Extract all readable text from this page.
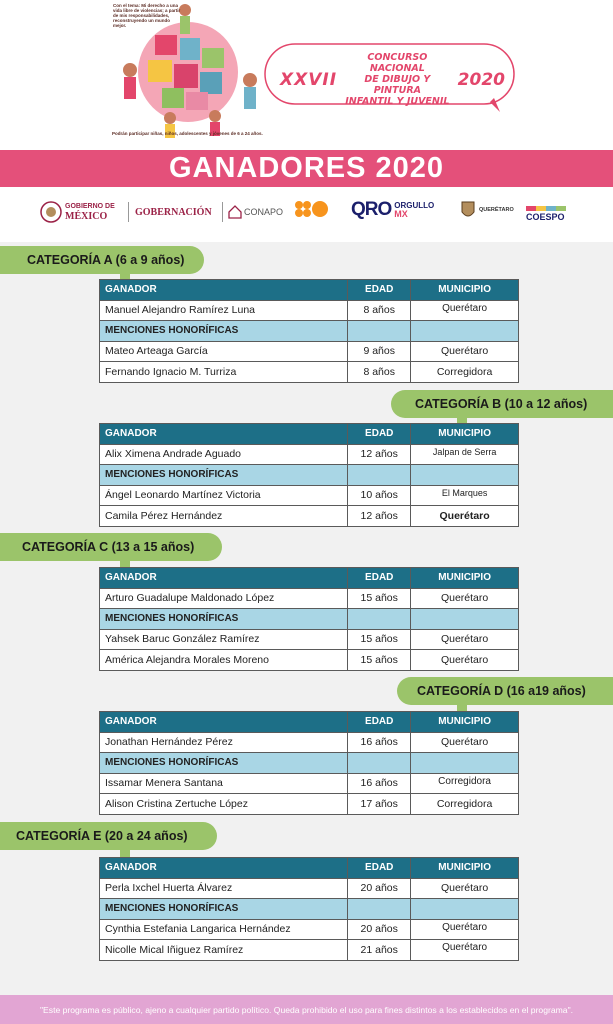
Con el tema: Mi derecho a una vida libre de violencias; a partir de mis responsabilidades, reconstruyendo un mundo mejor.
Podrán participar niñas, niños, adolescentes y jóvenes de 6 a 24 años.
XXVII
CONCURSO NACIONAL
DE DIBUJO Y PINTURA
INFANTIL Y JUVENIL
2020
GANADORES 2020
GOBIERNO DE
MÉXICO	GOBERNACIÓN	CONAPO	QRO ORGULLO
MX	QUERÉTARO
COESPO
CATEGORÍA A (6 a 9 años)
GANADOR	EDAD	MUNICIPIO
Manuel Alejandro Ramírez Luna	8 años	Querétaro
MENCIONES HONORÍFICAS		
Mateo Arteaga García	9 años	Querétaro
Fernando Ignacio M. Turriza	8 años	Corregidora
CATEGORÍA B (10 a 12 años)
GANADOR	EDAD	MUNICIPIO
Alix Ximena Andrade Aguado	12 años	Jalpan de Serra
MENCIONES HONORÍFICAS		
Ángel Leonardo Martínez Victoria	10 años	El Marques
Camila Pérez Hernández	12 años	Querétaro
CATEGORÍA C (13 a 15 años)
GANADOR	EDAD	MUNICIPIO
Arturo Guadalupe Maldonado López	15 años	Querétaro
MENCIONES HONORÍFICAS		
Yahsek Baruc González Ramírez	15 años	Querétaro
América Alejandra Morales Moreno	15 años	Querétaro
CATEGORÍA D (16 a19 años)
GANADOR	EDAD	MUNICIPIO
Jonathan Hernández Pérez	16 años	Querétaro
MENCIONES HONORÍFICAS		
Issamar Menera Santana	16 años	Corregidora
Alison Cristina Zertuche López	17 años	Corregidora
CATEGORÍA E (20 a 24 años)
GANADOR	EDAD	MUNICIPIO
Perla Ixchel Huerta Álvarez	20 años	Querétaro
MENCIONES HONORÍFICAS		
Cynthia Estefania Langarica Hernández	20 años	Querétaro
Nicolle Mical Iñiguez Ramírez	21 años	Querétaro
"Este programa es público, ajeno a cualquier partido político. Queda prohibido el uso para fines distintos a los establecidos en el programa".
